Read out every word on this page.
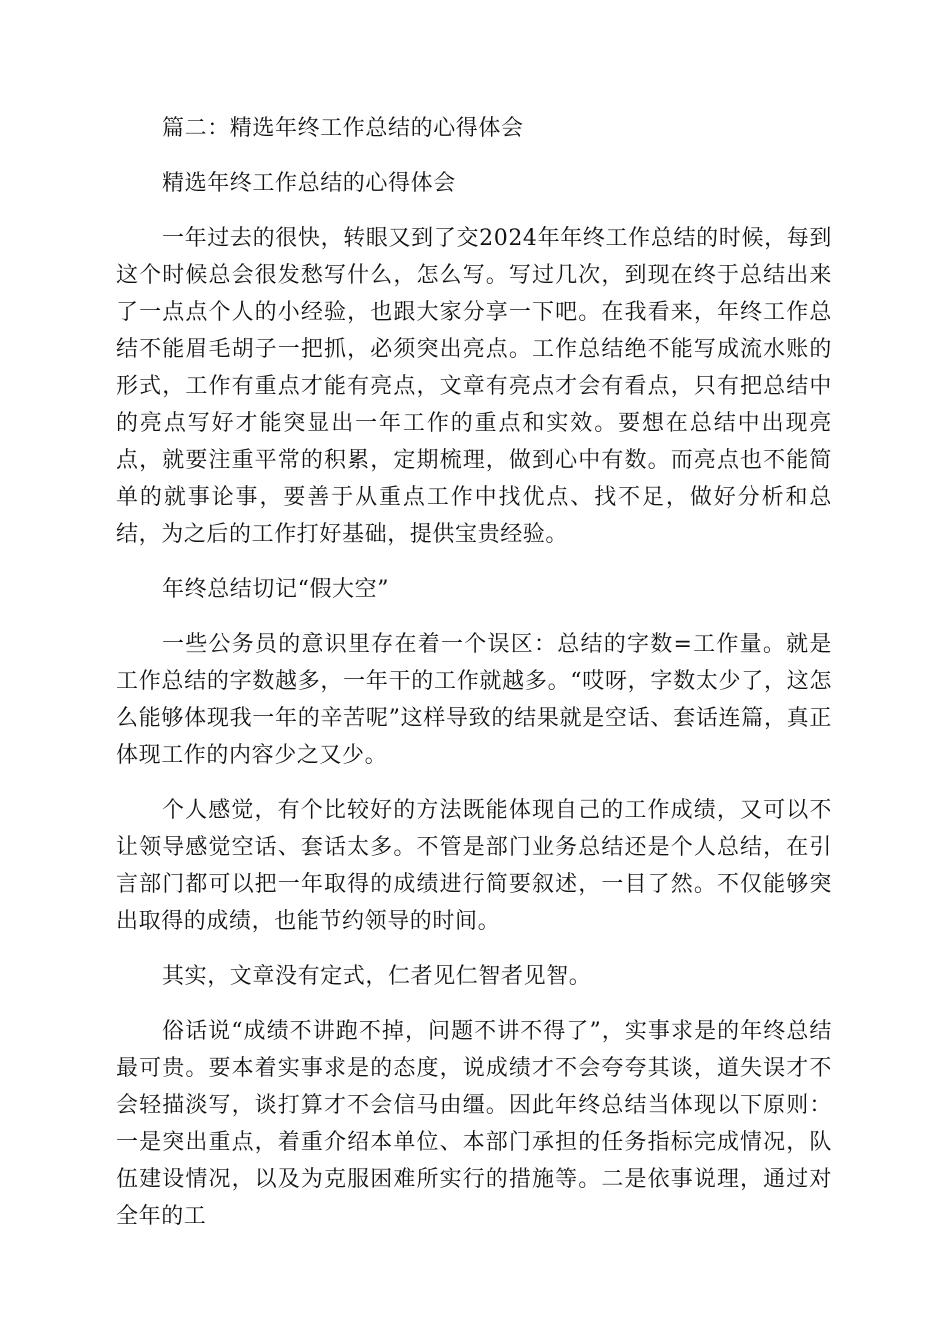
篇二：精选年终工作总结的心得体会

精选年终工作总结的心得体会

一年过去的很快，转眼又到了交2024年年终工作总结的时候，每到这个时候总会很发愁写什么，怎么写。写过几次，到现在终于总结出来了一点点个人的小经验，也跟大家分享一下吧。在我看来，年终工作总结不能眉毛胡子一把抓，必须突出亮点。工作总结绝不能写成流水账的形式，工作有重点才能有亮点，文章有亮点才会有看点，只有把总结中的亮点写好才能突显出一年工作的重点和实效。要想在总结中出现亮点，就要注重平常的积累，定期梳理，做到心中有数。而亮点也不能简单的就事论事，要善于从重点工作中找优点、找不足，做好分析和总结，为之后的工作打好基础，提供宝贵经验。

年终总结切记“假大空”

一些公务员的意识里存在着一个误区：总结的字数=工作量。就是工作总结的字数越多，一年干的工作就越多。“哎呀，字数太少了，这怎么能够体现我一年的辛苦呢”这样导致的结果就是空话、套话连篇，真正体现工作的内容少之又少。

个人感觉，有个比较好的方法既能体现自己的工作成绩，又可以不让领导感觉空话、套话太多。不管是部门业务总结还是个人总结，在引言部门都可以把一年取得的成绩进行简要叙述，一目了然。不仅能够突出取得的成绩，也能节约领导的时间。

其实，文章没有定式，仁者见仁智者见智。

俗话说“成绩不讲跑不掉，问题不讲不得了”，实事求是的年终总结最可贵。要本着实事求是的态度，说成绩才不会夸夸其谈，道失误才不会轻描淡写，谈打算才不会信马由缰。因此年终总结当体现以下原则：一是突出重点，着重介绍本单位、本部门承担的任务指标完成情况，队伍建设情况，以及为克服困难所实行的措施等。二是依事说理，通过对全年的工
